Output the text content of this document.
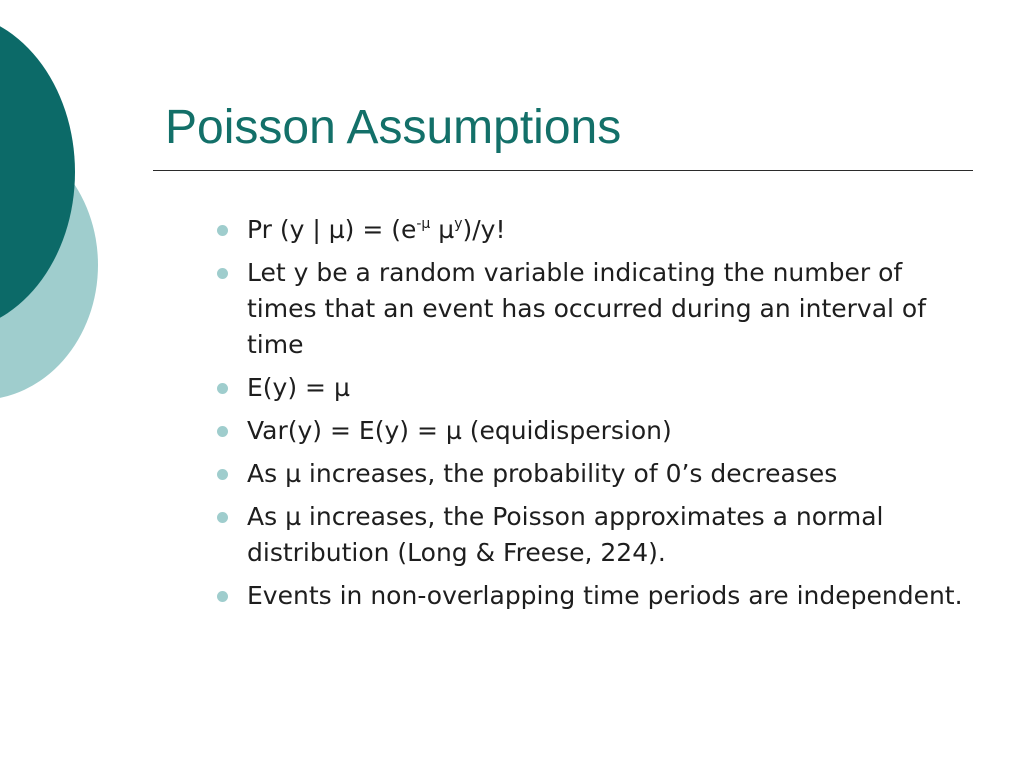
Poisson Assumptions
Pr (y | $\mu) = (e^{-\mu}$ µ$^y$)/y!
Let y be a random variable indicating the number of times that an event has occurred during an interval of time
E(y) = µ
Var(y) = E(y) = µ (equidispersion)
As µ increases, the probability of 0’s decreases
As µ increases, the Poisson approximates a normal distribution (Long & Freese, 224).
Events in non-overlapping time periods are independent.
